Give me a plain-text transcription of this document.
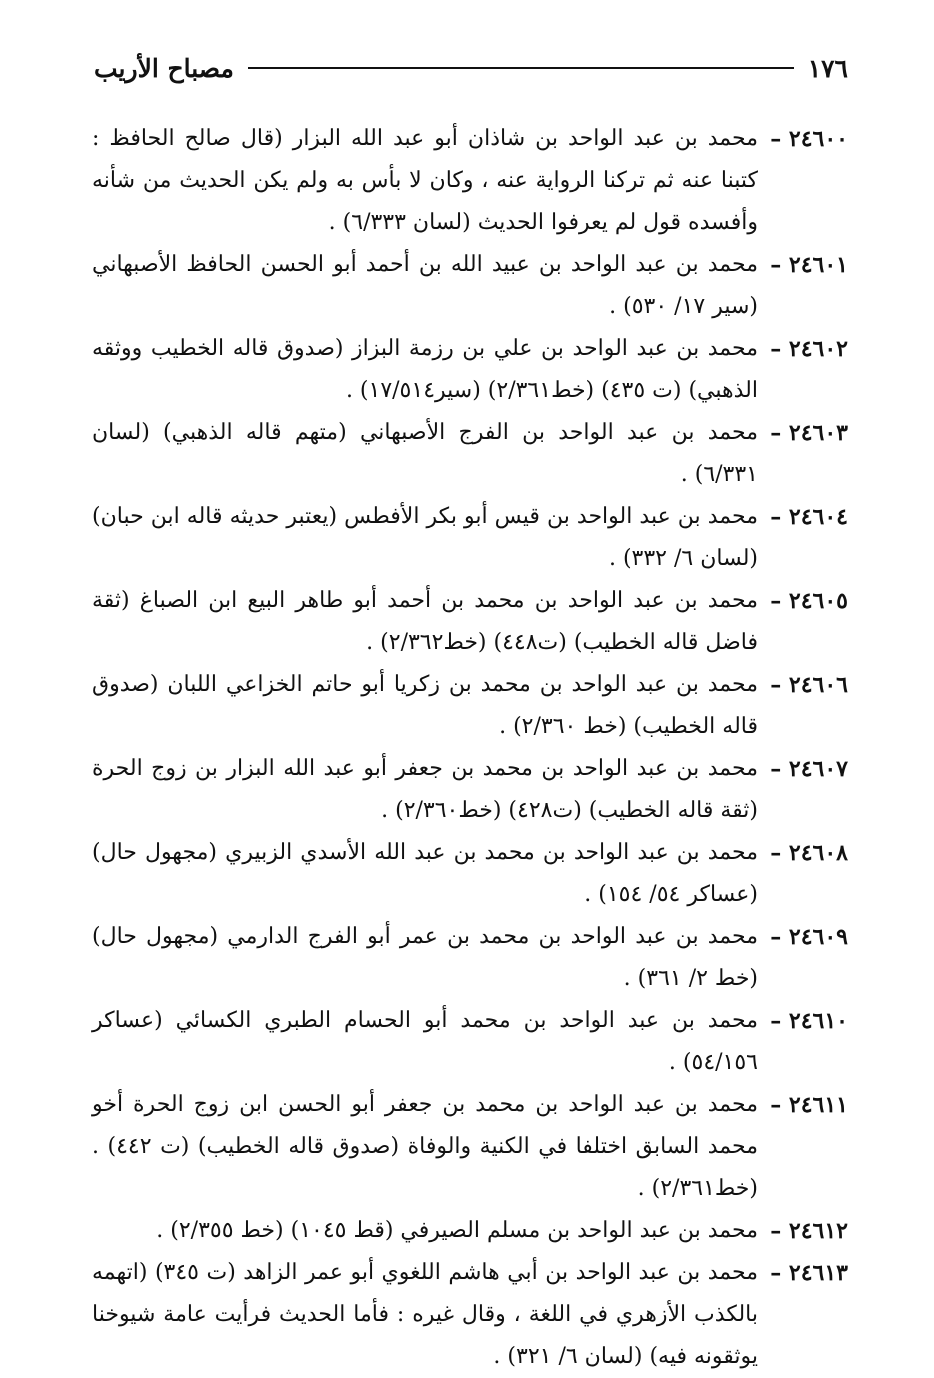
١٧٦
مصباح الأريب
٢٤٦٠٠ –
محمد بن عبد الواحد بن شاذان أبو عبد الله البزار (قال صالح الحافظ : كتبنا عنه ثم تركنا الرواية عنه ، وكان لا بأس به ولم يكن الحديث من شأنه وأفسده قول لم يعرفوا الحديث (لسان ٦/٣٣٣) .
٢٤٦٠١ –
محمد بن عبد الواحد بن عبيد الله بن أحمد أبو الحسن الحافظ الأصبهاني (سير ١٧/ ٥٣٠) .
٢٤٦٠٢ –
محمد بن عبد الواحد بن علي بن رزمة البزاز (صدوق قاله الخطيب ووثقه الذهبي) (ت ٤٣٥) (خط٢/٣٦١) (سير١٧/٥١٤) .
٢٤٦٠٣ –
محمد بن عبد الواحد بن الفرج الأصبهاني (متهم قاله الذهبي) (لسان ٦/٣٣١) .
٢٤٦٠٤ –
محمد بن عبد الواحد بن قيس أبو بكر الأفطس (يعتبر حديثه قاله ابن حبان) (لسان ٦/ ٣٣٢) .
٢٤٦٠٥ –
محمد بن عبد الواحد بن محمد بن أحمد أبو طاهر البيع ابن الصباغ (ثقة فاضل قاله الخطيب) (ت٤٤٨) (خط٢/٣٦٢) .
٢٤٦٠٦ –
محمد بن عبد الواحد بن محمد بن زكريا أبو حاتم الخزاعي اللبان (صدوق قاله الخطيب) (خط ٢/٣٦٠) .
٢٤٦٠٧ –
محمد بن عبد الواحد بن محمد بن جعفر أبو عبد الله البزار بن زوج الحرة (ثقة قاله الخطيب) (ت٤٢٨) (خط٢/٣٦٠) .
٢٤٦٠٨ –
محمد بن عبد الواحد بن محمد بن عبد الله الأسدي الزبيري (مجهول حال) (عساكر ٥٤/ ١٥٤) .
٢٤٦٠٩ –
محمد بن عبد الواحد بن محمد بن عمر أبو الفرج الدارمي (مجهول حال) (خط ٢/ ٣٦١) .
٢٤٦١٠ –
محمد بن عبد الواحد بن محمد أبو الحسام الطبري الكسائي (عساكر ٥٤/١٥٦) .
٢٤٦١١ –
محمد بن عبد الواحد بن محمد بن جعفر أبو الحسن ابن زوج الحرة أخو محمد السابق اختلفا في الكنية والوفاة (صدوق قاله الخطيب) (ت ٤٤٢) . (خط٢/٣٦١) .
٢٤٦١٢ –
محمد بن عبد الواحد بن مسلم الصيرفي (قط ١٠٤٥) (خط ٢/٣٥٥) .
٢٤٦١٣ –
محمد بن عبد الواحد بن أبي هاشم اللغوي أبو عمر الزاهد (ت ٣٤٥) (اتهمه بالكذب الأزهري في اللغة ، وقال غيره : فأما الحديث فرأيت عامة شيوخنا يوثقونه فيه) (لسان ٦/ ٣٢١) .
